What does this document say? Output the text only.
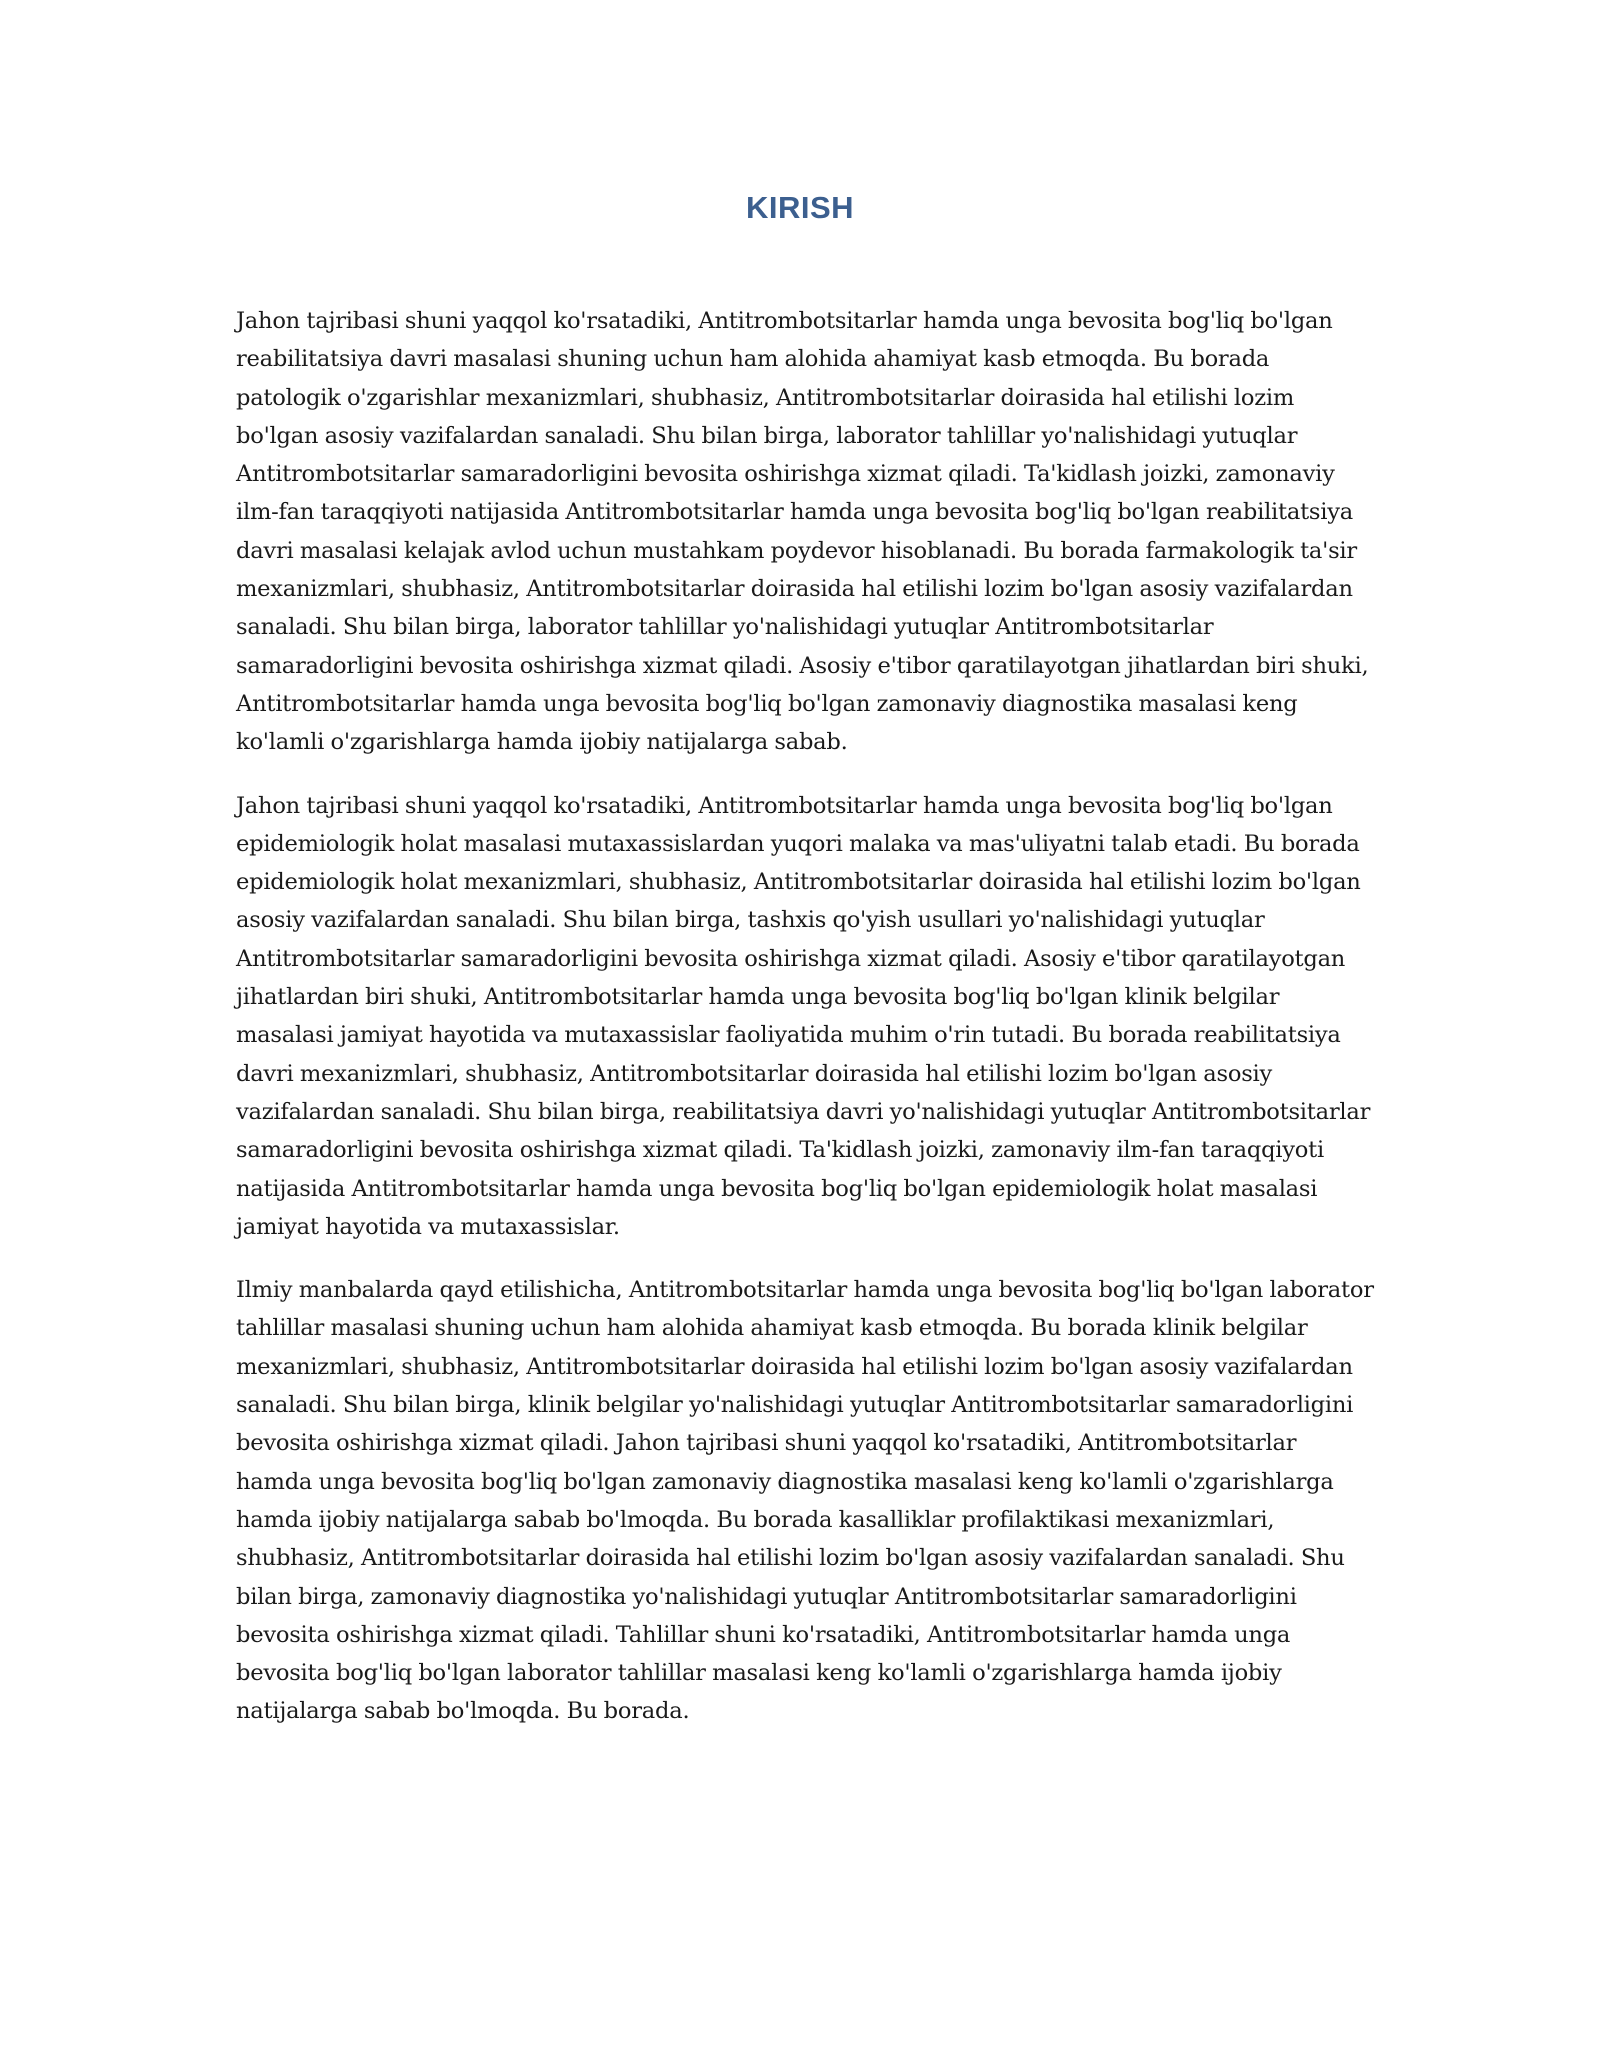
KIRISH

Jahon tajribasi shuni yaqqol ko'rsatadiki, Antitrombotsitarlar hamda unga bevosita bog'liq bo'lgan reabilitatsiya davri masalasi shuning uchun ham alohida ahamiyat kasb etmoqda. Bu borada patologik o'zgarishlar mexanizmlari, shubhasiz, Antitrombotsitarlar doirasida hal etilishi lozim bo'lgan asosiy vazifalardan sanaladi. Shu bilan birga, laborator tahlillar yo'nalishidagi yutuqlar Antitrombotsitarlar samaradorligini bevosita oshirishga xizmat qiladi. Ta'kidlash joizki, zamonaviy ilm-fan taraqqiyoti natijasida Antitrombotsitarlar hamda unga bevosita bog'liq bo'lgan reabilitatsiya davri masalasi kelajak avlod uchun mustahkam poydevor hisoblanadi. Bu borada farmakologik ta'sir mexanizmlari, shubhasiz, Antitrombotsitarlar doirasida hal etilishi lozim bo'lgan asosiy vazifalardan sanaladi. Shu bilan birga, laborator tahlillar yo'nalishidagi yutuqlar Antitrombotsitarlar samaradorligini bevosita oshirishga xizmat qiladi. Asosiy e'tibor qaratilayotgan jihatlardan biri shuki, Antitrombotsitarlar hamda unga bevosita bog'liq bo'lgan zamonaviy diagnostika masalasi keng ko'lamli o'zgarishlarga hamda ijobiy natijalarga sabab.

Jahon tajribasi shuni yaqqol ko'rsatadiki, Antitrombotsitarlar hamda unga bevosita bog'liq bo'lgan epidemiologik holat masalasi mutaxassislardan yuqori malaka va mas'uliyatni talab etadi. Bu borada epidemiologik holat mexanizmlari, shubhasiz, Antitrombotsitarlar doirasida hal etilishi lozim bo'lgan asosiy vazifalardan sanaladi. Shu bilan birga, tashxis qo'yish usullari yo'nalishidagi yutuqlar Antitrombotsitarlar samaradorligini bevosita oshirishga xizmat qiladi. Asosiy e'tibor qaratilayotgan jihatlardan biri shuki, Antitrombotsitarlar hamda unga bevosita bog'liq bo'lgan klinik belgilar masalasi jamiyat hayotida va mutaxassislar faoliyatida muhim o'rin tutadi. Bu borada reabilitatsiya davri mexanizmlari, shubhasiz, Antitrombotsitarlar doirasida hal etilishi lozim bo'lgan asosiy vazifalardan sanaladi. Shu bilan birga, reabilitatsiya davri yo'nalishidagi yutuqlar Antitrombotsitarlar samaradorligini bevosita oshirishga xizmat qiladi. Ta'kidlash joizki, zamonaviy ilm-fan taraqqiyoti natijasida Antitrombotsitarlar hamda unga bevosita bog'liq bo'lgan epidemiologik holat masalasi jamiyat hayotida va mutaxassislar.

Ilmiy manbalarda qayd etilishicha, Antitrombotsitarlar hamda unga bevosita bog'liq bo'lgan laborator tahlillar masalasi shuning uchun ham alohida ahamiyat kasb etmoqda. Bu borada klinik belgilar mexanizmlari, shubhasiz, Antitrombotsitarlar doirasida hal etilishi lozim bo'lgan asosiy vazifalardan sanaladi. Shu bilan birga, klinik belgilar yo'nalishidagi yutuqlar Antitrombotsitarlar samaradorligini bevosita oshirishga xizmat qiladi. Jahon tajribasi shuni yaqqol ko'rsatadiki, Antitrombotsitarlar hamda unga bevosita bog'liq bo'lgan zamonaviy diagnostika masalasi keng ko'lamli o'zgarishlarga hamda ijobiy natijalarga sabab bo'lmoqda. Bu borada kasalliklar profilaktikasi mexanizmlari, shubhasiz, Antitrombotsitarlar doirasida hal etilishi lozim bo'lgan asosiy vazifalardan sanaladi. Shu bilan birga, zamonaviy diagnostika yo'nalishidagi yutuqlar Antitrombotsitarlar samaradorligini bevosita oshirishga xizmat qiladi. Tahlillar shuni ko'rsatadiki, Antitrombotsitarlar hamda unga bevosita bog'liq bo'lgan laborator tahlillar masalasi keng ko'lamli o'zgarishlarga hamda ijobiy natijalarga sabab bo'lmoqda. Bu borada.
